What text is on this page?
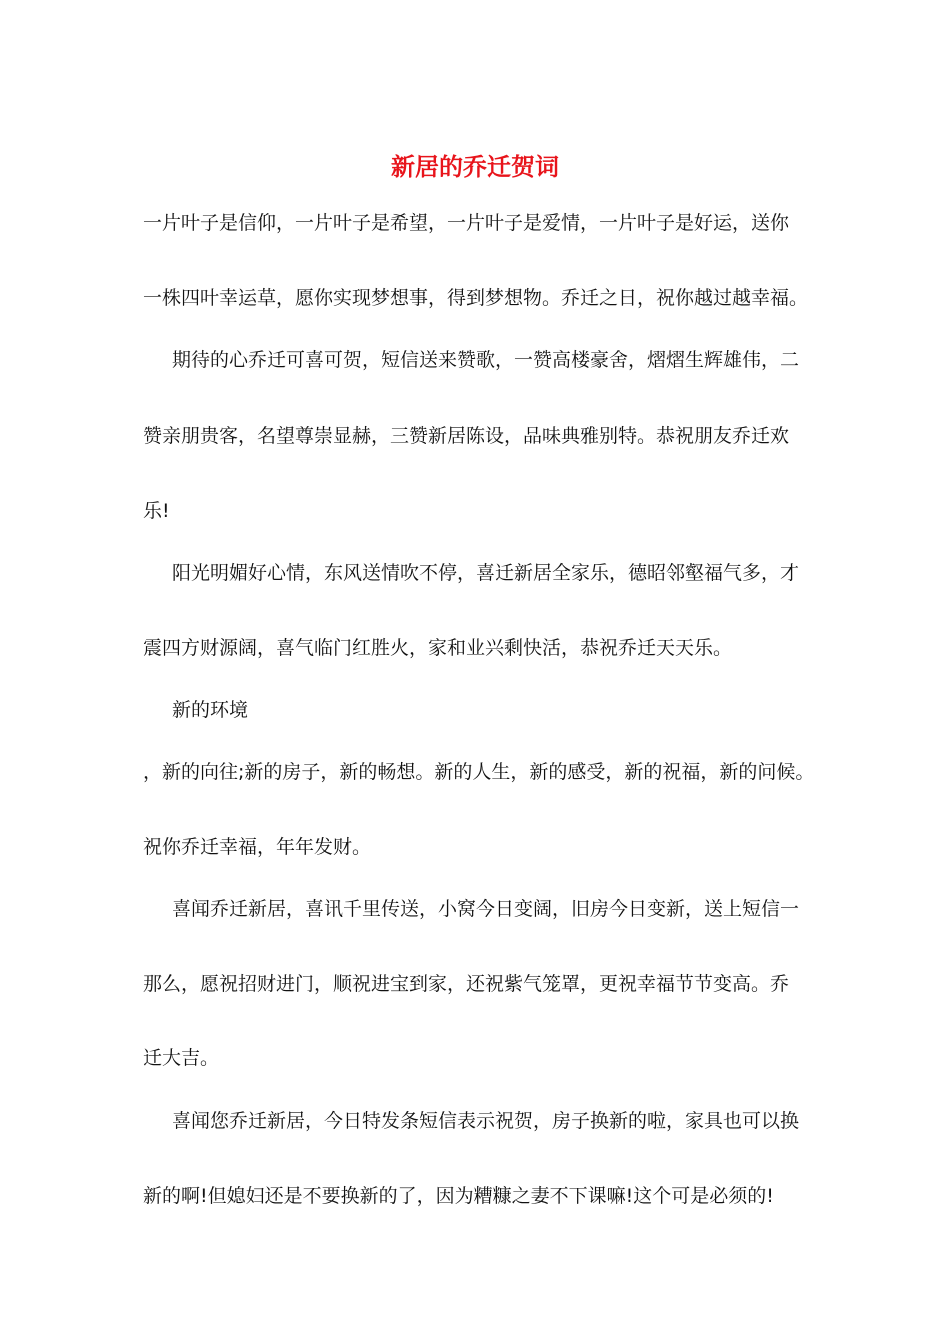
新居的乔迁贺词

一片叶子是信仰，一片叶子是希望，一片叶子是爱情，一片叶子是好运，送你

一株四叶幸运草，愿你实现梦想事，得到梦想物。乔迁之日，祝你越过越幸福。

期待的心乔迁可喜可贺，短信送来赞歌，一赞高楼豪舍，熠熠生辉雄伟，二

赞亲朋贵客，名望尊崇显赫，三赞新居陈设，品味典雅别特。恭祝朋友乔迁欢

乐!

阳光明媚好心情，东风送情吹不停，喜迁新居全家乐，德昭邻壑福气多，才

震四方财源阔，喜气临门红胜火，家和业兴剩快活，恭祝乔迁天天乐。

新的环境

，新的向往;新的房子，新的畅想。新的人生，新的感受，新的祝福，新的问候。

祝你乔迁幸福，年年发财。

喜闻乔迁新居，喜讯千里传送，小窝今日变阔，旧房今日变新，送上短信一

那么，愿祝招财进门，顺祝进宝到家，还祝紫气笼罩，更祝幸福节节变高。乔

迁大吉。

喜闻您乔迁新居，今日特发条短信表示祝贺，房子换新的啦，家具也可以换

新的啊!但媳妇还是不要换新的了，因为糟糠之妻不下课嘛!这个可是必须的!
